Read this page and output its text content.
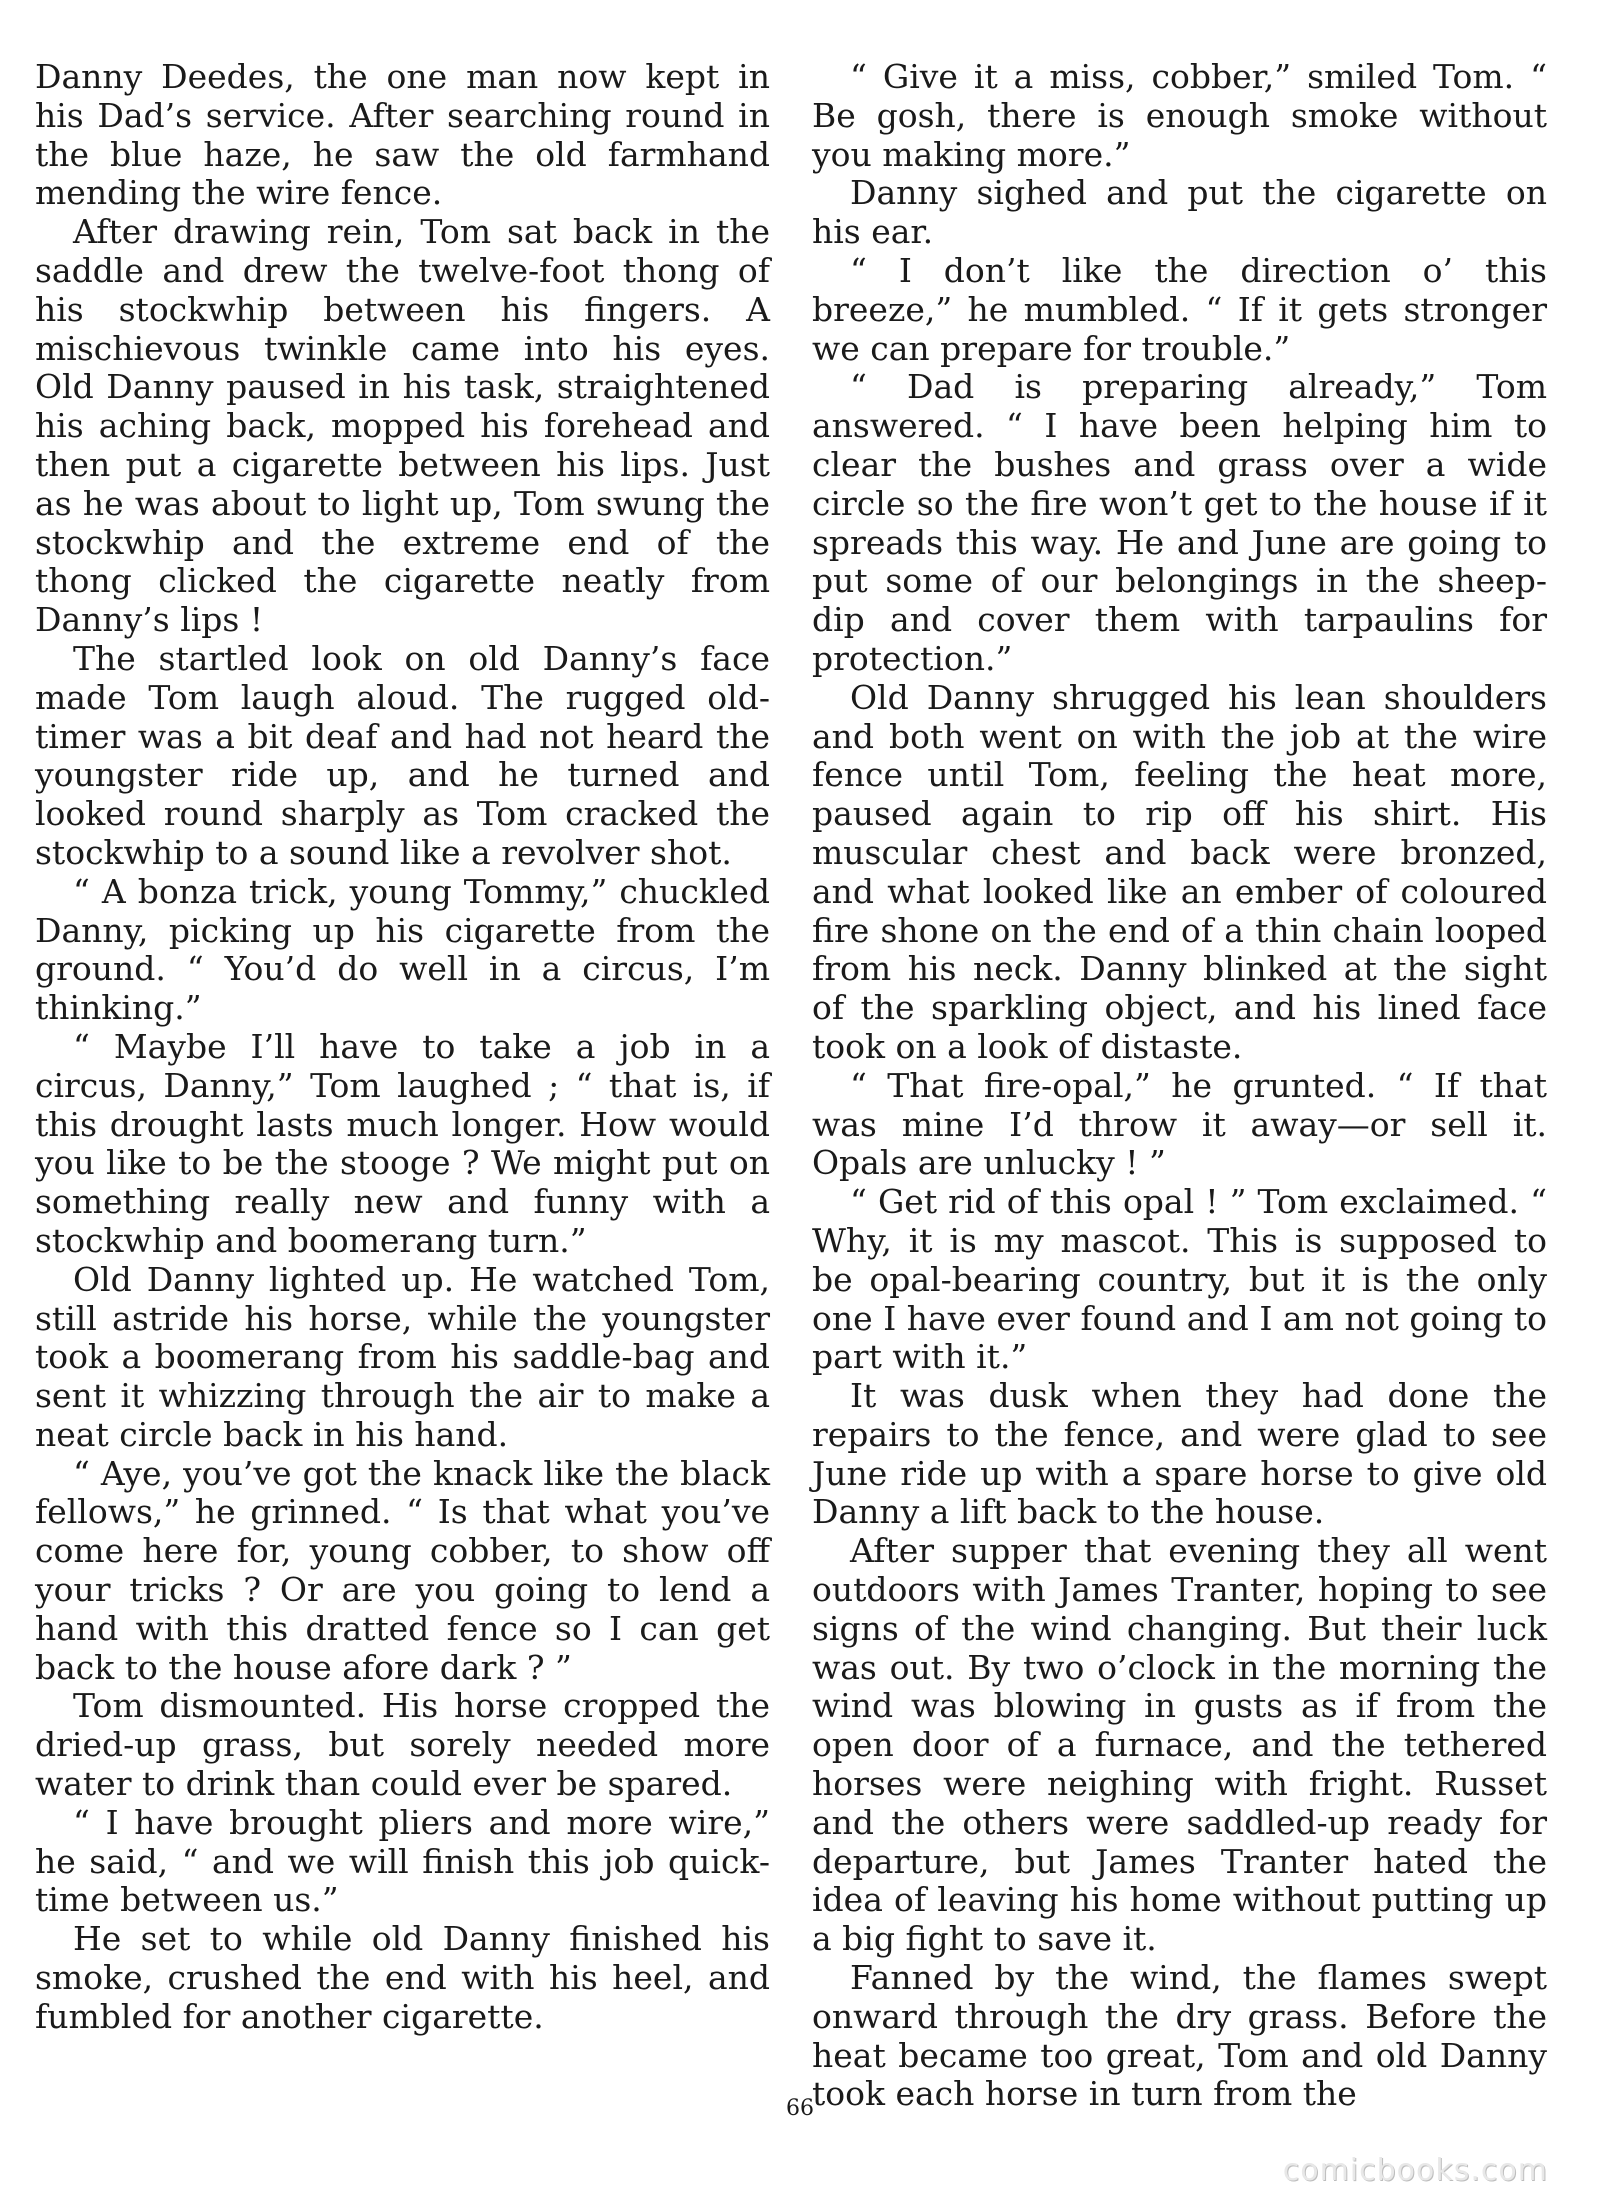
Danny Deedes, the one man now kept in his Dad’s service. After searching round in the blue haze, he saw the old farmhand mending the wire fence.

After drawing rein, Tom sat back in the saddle and drew the twelve-foot thong of his stockwhip between his fingers. A mischievous twinkle came into his eyes. Old Danny paused in his task, straightened his aching back, mopped his forehead and then put a cigarette between his lips. Just as he was about to light up, Tom swung the stockwhip and the extreme end of the thong clicked the cigarette neatly from Danny’s lips !

The startled look on old Danny’s face made Tom laugh aloud. The rugged old-timer was a bit deaf and had not heard the youngster ride up, and he turned and looked round sharply as Tom cracked the stockwhip to a sound like a revolver shot.

“ A bonza trick, young Tommy,” chuckled Danny, picking up his cigarette from the ground. “ You’d do well in a circus, I’m thinking.”

“ Maybe I’ll have to take a job in a circus, Danny,” Tom laughed ; “ that is, if this drought lasts much longer. How would you like to be the stooge ? We might put on something really new and funny with a stockwhip and boomerang turn.”

Old Danny lighted up. He watched Tom, still astride his horse, while the youngster took a boomerang from his saddle-bag and sent it whizzing through the air to make a neat circle back in his hand.

“ Aye, you’ve got the knack like the black fellows,” he grinned. “ Is that what you’ve come here for, young cobber, to show off your tricks ? Or are you going to lend a hand with this dratted fence so I can get back to the house afore dark ? ”

Tom dismounted. His horse cropped the dried-up grass, but sorely needed more water to drink than could ever be spared.

“ I have brought pliers and more wire,” he said, “ and we will finish this job quick-time between us.”

He set to while old Danny finished his smoke, crushed the end with his heel, and fumbled for another cigarette.

“ Give it a miss, cobber,” smiled Tom. “ Be gosh, there is enough smoke without you making more.”

Danny sighed and put the cigarette on his ear.

“ I don’t like the direction o’ this breeze,” he mumbled. “ If it gets stronger we can prepare for trouble.”

“ Dad is preparing already,” Tom answered. “ I have been helping him to clear the bushes and grass over a wide circle so the fire won’t get to the house if it spreads this way. He and June are going to put some of our belongings in the sheep-dip and cover them with tarpaulins for protection.”

Old Danny shrugged his lean shoulders and both went on with the job at the wire fence until Tom, feeling the heat more, paused again to rip off his shirt. His muscular chest and back were bronzed, and what looked like an ember of coloured fire shone on the end of a thin chain looped from his neck. Danny blinked at the sight of the sparkling object, and his lined face took on a look of distaste.

“ That fire-opal,” he grunted. “ If that was mine I’d throw it away—or sell it. Opals are unlucky ! ”

“ Get rid of this opal ! ” Tom exclaimed. “ Why, it is my mascot. This is supposed to be opal-bearing country, but it is the only one I have ever found and I am not going to part with it.”

It was dusk when they had done the repairs to the fence, and were glad to see June ride up with a spare horse to give old Danny a lift back to the house.

After supper that evening they all went outdoors with James Tranter, hoping to see signs of the wind changing. But their luck was out. By two o’clock in the morning the wind was blowing in gusts as if from the open door of a furnace, and the tethered horses were neighing with fright. Russet and the others were saddled-up ready for departure, but James Tranter hated the idea of leaving his home without putting up a big fight to save it.

Fanned by the wind, the flames swept onward through the dry grass. Before the heat became too great, Tom and old Danny took each horse in turn from the

66
comicbooks.com
